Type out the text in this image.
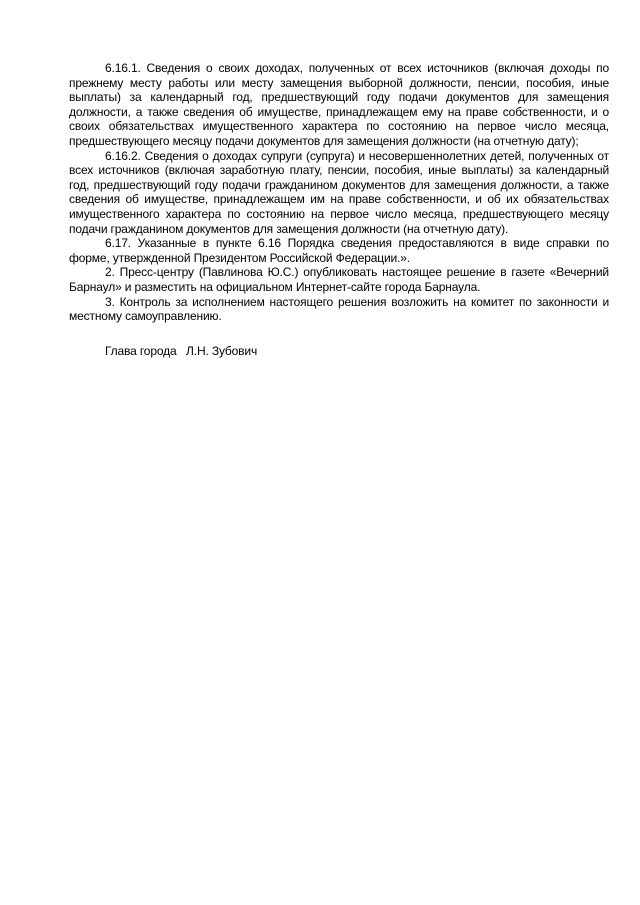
6.16.1. Сведения о своих доходах, полученных от всех источников (включая доходы по прежнему месту работы или месту замещения выборной должности, пенсии, пособия, иные выплаты) за календарный год, предшествующий году подачи документов для замещения должности, а также сведения об имуществе, принадлежащем ему на праве собственности, и о своих обязательствах имущественного характера по состоянию на первое число месяца, предшествующего месяцу подачи документов для замещения должности (на отчетную дату);

6.16.2. Сведения о доходах супруги (супруга) и несовершеннолетних детей, полученных от всех источников (включая заработную плату, пенсии, пособия, иные выплаты) за календарный год, предшествующий году подачи гражданином документов для замещения должности, а также сведения об имуществе, принадлежащем им на праве собственности, и об их обязательствах имущественного характера по состоянию на первое число месяца, предшествующего месяцу подачи гражданином документов для замещения должности (на отчетную дату).

6.17. Указанные в пункте 6.16 Порядка сведения предоставляются в виде справки по форме, утвержденной Президентом Российской Федерации.».

2. Пресс-центру (Павлинова Ю.С.) опубликовать настоящее решение в газете «Вечерний Барнаул» и разместить на официальном Интернет-сайте города Барнаула.

3. Контроль за исполнением настоящего решения возложить на комитет по законности и местному самоуправлению.

Глава города   Л.Н. Зубович
